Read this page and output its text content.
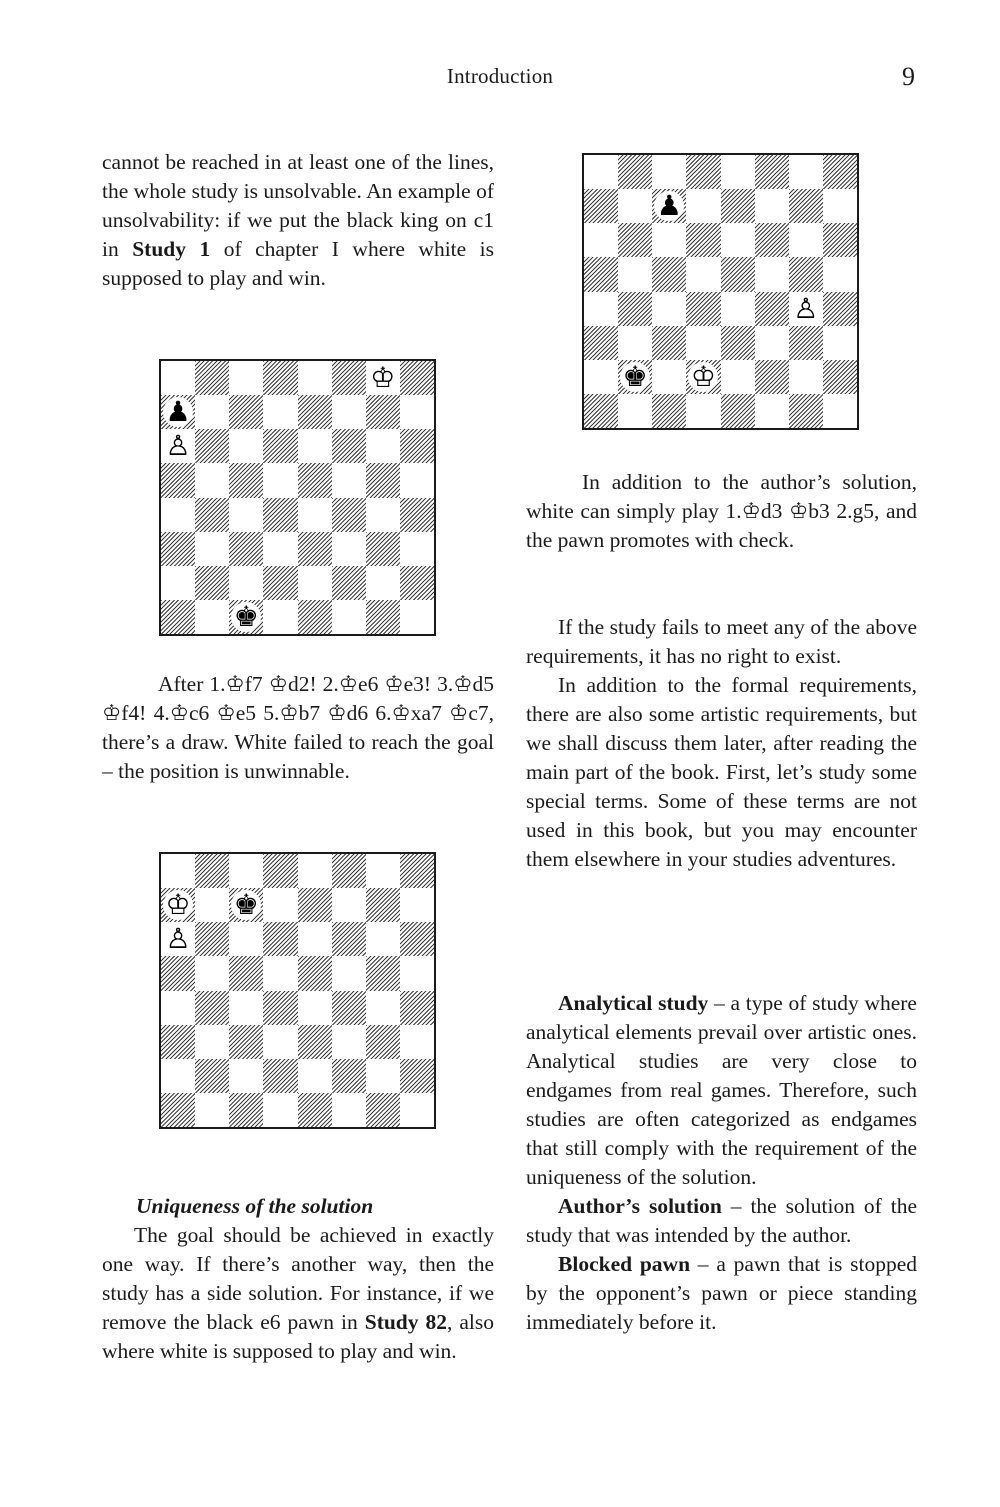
Introduction	9

cannot be reached in at least one of the lines, the whole study is unsolvable. An example of unsolvability: if we put the black king on c1 in Study 1 of chapter I where white is supposed to play and win.

♔
♟
♙
♚

After 1.♔f7 ♔d2! 2.♔e6 ♔e3! 3.♔d5 ♔f4! 4.♔c6 ♔e5 5.♔b7 ♔d6 6.♔xa7 ♔c7, there’s a draw. White failed to reach the goal – the position is unwinnable.

♔ ♚
♙

Uniqueness of the solution

The goal should be achieved in exactly one way. If there’s another way, then the study has a side solution. For instance, if we remove the black e6 pawn in Study 82, also where white is supposed to play and win.

♟
♙
♚ ♔

In addition to the author’s solution, white can simply play 1.♔d3 ♔b3 2.g5, and the pawn promotes with check.

If the study fails to meet any of the above requirements, it has no right to exist.

In addition to the formal requirements, there are also some artistic requirements, but we shall discuss them later, after reading the main part of the book. First, let’s study some special terms. Some of these terms are not used in this book, but you may encounter them elsewhere in your studies adventures.

Analytical study – a type of study where analytical elements prevail over artistic ones. Analytical studies are very close to endgames from real games. Therefore, such studies are often categorized as endgames that still comply with the requirement of the uniqueness of the solution.

Author’s solution – the solution of the study that was intended by the author.

Blocked pawn – a pawn that is stopped by the opponent’s pawn or piece standing immediately before it.
